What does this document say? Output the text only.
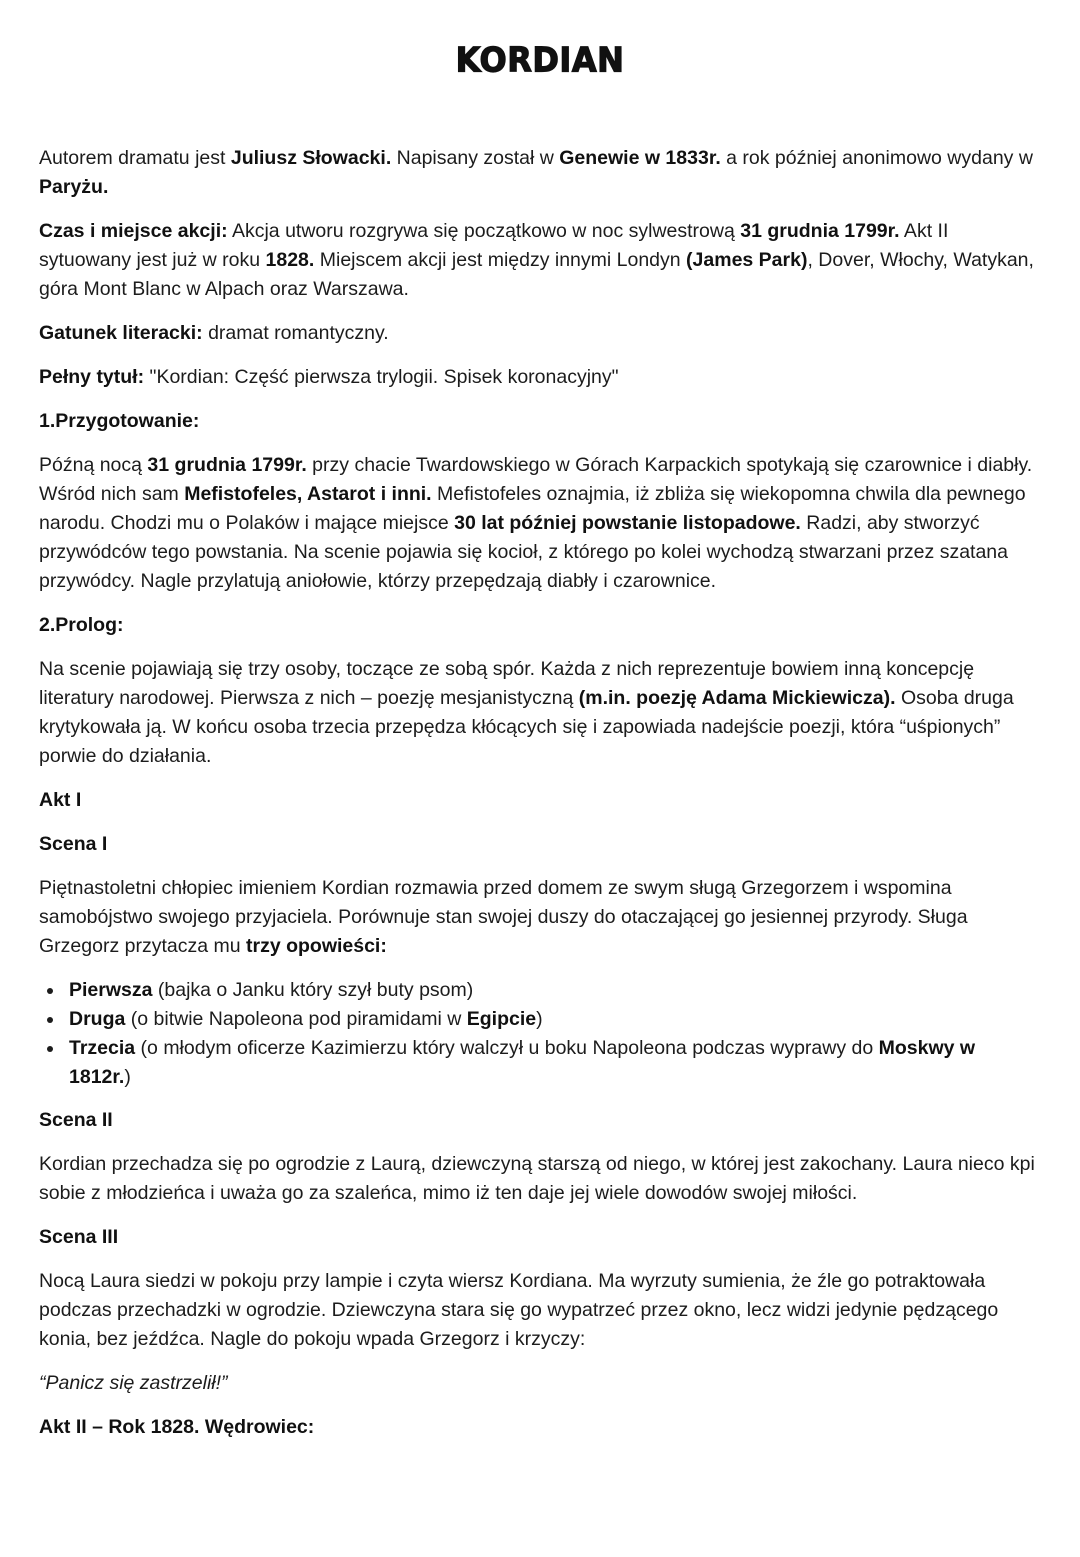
KORDIAN

Autorem dramatu jest Juliusz Słowacki. Napisany został w Genewie w 1833r. a rok później anonimowo wydany w Paryżu.

Czas i miejsce akcji: Akcja utworu rozgrywa się początkowo w noc sylwestrową 31 grudnia 1799r. Akt II sytuowany jest już w roku 1828. Miejscem akcji jest między innymi Londyn (James Park), Dover, Włochy, Watykan, góra Mont Blanc w Alpach oraz Warszawa.

Gatunek literacki: dramat romantyczny.

Pełny tytuł: "Kordian: Część pierwsza trylogii. Spisek koronacyjny"

1.Przygotowanie:

Późną nocą 31 grudnia 1799r. przy chacie Twardowskiego w Górach Karpackich spotykają się czarownice i diabły. Wśród nich sam Mefistofeles, Astarot i inni. Mefistofeles oznajmia, iż zbliża się wiekopomna chwila dla pewnego narodu. Chodzi mu o Polaków i mające miejsce 30 lat później powstanie listopadowe. Radzi, aby stworzyć przywódców tego powstania. Na scenie pojawia się kocioł, z którego po kolei wychodzą stwarzani przez szatana przywódcy. Nagle przylatują aniołowie, którzy przepędzają diabły i czarownice.

2.Prolog:

Na scenie pojawiają się trzy osoby, toczące ze sobą spór. Każda z nich reprezentuje bowiem inną koncepcję literatury narodowej. Pierwsza z nich – poezję mesjanistyczną (m.in. poezję Adama Mickiewicza). Osoba druga krytykowała ją. W końcu osoba trzecia przepędza kłócących się i zapowiada nadejście poezji, która “uśpionych” porwie do działania.

Akt I
Scena I

Piętnastoletni chłopiec imieniem Kordian rozmawia przed domem ze swym sługą Grzegorzem i wspomina samobójstwo swojego przyjaciela. Porównuje stan swojej duszy do otaczającej go jesiennej przyrody. Sługa Grzegorz przytacza mu trzy opowieści:

Pierwsza (bajka o Janku który szył buty psom)
Druga (o bitwie Napoleona pod piramidami w Egipcie)
Trzecia (o młodym oficerze Kazimierzu który walczył u boku Napoleona podczas wyprawy do Moskwy w 1812r.)
Scena II

Kordian przechadza się po ogrodzie z Laurą, dziewczyną starszą od niego, w której jest zakochany. Laura nieco kpi sobie z młodzieńca i uważa go za szaleńca, mimo iż ten daje jej wiele dowodów swojej miłości.

Scena III

Nocą Laura siedzi w pokoju przy lampie i czyta wiersz Kordiana. Ma wyrzuty sumienia, że źle go potraktowała podczas przechadzki w ogrodzie. Dziewczyna stara się go wypatrzeć przez okno, lecz widzi jedynie pędzącego konia, bez jeźdźca. Nagle do pokoju wpada Grzegorz i krzyczy:

“Panicz się zastrzelił!”

Akt II – Rok 1828. Wędrowiec:
